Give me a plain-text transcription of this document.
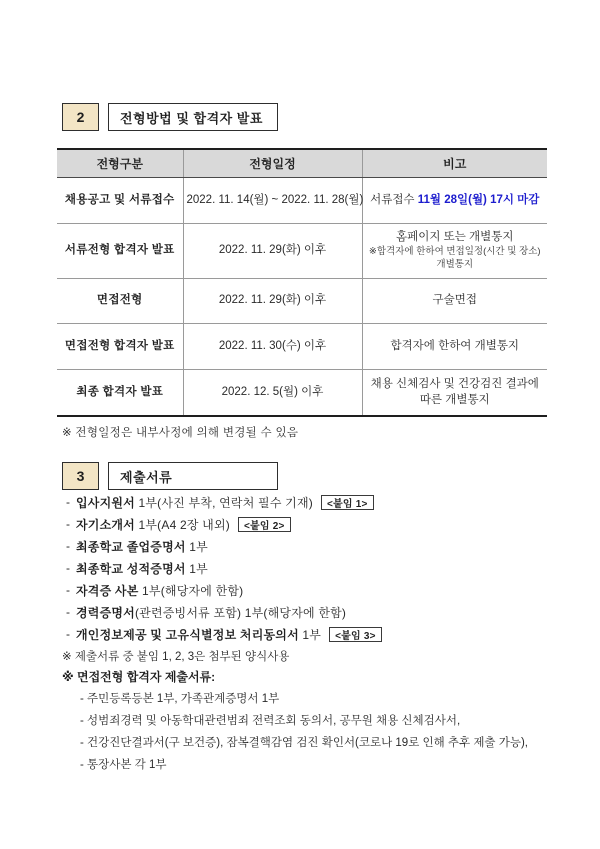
2	전형방법 및 합격자 발표
전형구분	전형일정	비고
채용공고 및 서류접수	2022. 11. 14(월) ~ 2022. 11. 28(월)	서류접수 11월 28일(월) 17시 마감
서류전형 합격자 발표	2022. 11. 29(화) 이후	홈페이지 또는 개별통지
※합격자에 한하여 면접일정(시간 및 장소) 개별통지

면접전형	2022. 11. 29(화) 이후	구술면접
면접전형 합격자 발표	2022. 11. 30(수) 이후	합격자에 한하여 개별통지
최종 합격자 발표	2022. 12. 5(월) 이후	채용 신체검사 및 건강검진 결과에 따른 개별통지
※ 전형일정은 내부사정에 의해 변경될 수 있음
3	제출서류
- 입사지원서 1부(사진 부착, 연락처 필수 기재)	<붙임 1>
- 자기소개서 1부(A4 2장 내외)	<붙임 2>
- 최종학교 졸업증명서 1부
- 최종학교 성적증명서 1부
- 자격증 사본 1부(해당자에 한함)
- 경력증명서 (관련증빙서류 포함) 1부(해당자에 한함)
- 개인정보제공 및 고유식별정보 처리동의서 1부	<붙임 3>
※ 제출서류 중 붙임 1, 2, 3은 첨부된 양식사용
※ 면접전형 합격자 제출서류:
- 주민등록등본 1부, 가족관계증명서 1부
- 성범죄경력 및 아동학대관련범죄 전력조회 동의서, 공무원 채용 신체검사서,
- 건강진단결과서(구 보건증), 잠복결핵감염 검진 확인서(코로나 19로 인해 추후 제출 가능),
- 통장사본 각 1부
